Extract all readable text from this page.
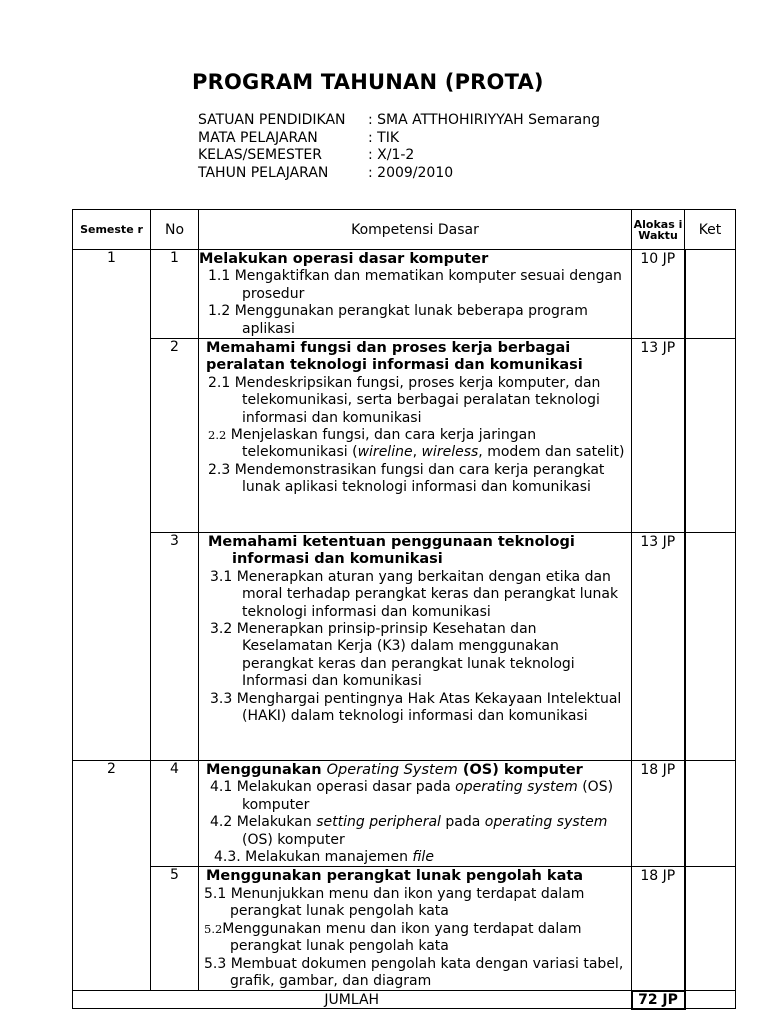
PROGRAM TAHUNAN (PROTA)
SATUAN PENDIDIKAN	: SMA ATTHOHIRIYYAH Semarang
MATA PELAJARAN	: TIK
KELAS/SEMESTER	: X/1-2
TAHUN PELAJARAN	: 2009/2010
Semeste r	No	Kompetensi Dasar	Alokas i Waktu	Ket
1	1	Melakukan operasi dasar komputer
1.1 Mengaktifkan dan mematikan komputer sesuai dengan prosedur
1.2 Menggunakan perangkat lunak beberapa program aplikasi	10 JP	
	2	Memahami fungsi dan proses kerja berbagai peralatan teknologi informasi dan komunikasi
2.1 Mendeskripsikan fungsi, proses kerja komputer, dan telekomunikasi, serta berbagai peralatan teknologi informasi dan komunikasi
2.2 Menjelaskan fungsi, dan cara kerja jaringan telekomunikasi (wireline, wireless, modem dan satelit)
2.3 Mendemonstrasikan fungsi dan cara kerja perangkat lunak aplikasi teknologi informasi dan komunikasi	13 JP	
	3	Memahami ketentuan penggunaan teknologi informasi dan komunikasi
3.1 Menerapkan aturan yang berkaitan dengan etika dan moral terhadap perangkat keras dan perangkat lunak teknologi informasi dan komunikasi
3.2 Menerapkan prinsip-prinsip Kesehatan dan Keselamatan Kerja (K3) dalam menggunakan perangkat keras dan perangkat lunak teknologi Informasi dan komunikasi
3.3 Menghargai pentingnya Hak Atas Kekayaan Intelektual (HAKI) dalam teknologi informasi dan komunikasi	13 JP	
2	4	Menggunakan Operating System (OS) komputer
4.1 Melakukan operasi dasar pada operating system (OS) komputer
4.2 Melakukan setting peripheral pada operating system (OS) komputer
4.3. Melakukan manajemen file	18 JP	
	5	Menggunakan perangkat lunak pengolah kata
5.1 Menunjukkan menu dan ikon yang terdapat dalam perangkat lunak pengolah kata
5.2Menggunakan menu dan ikon yang terdapat dalam perangkat lunak pengolah kata
5.3 Membuat dokumen pengolah kata dengan variasi tabel, grafik, gambar, dan diagram	18 JP	
JUMLAH			72 JP	
